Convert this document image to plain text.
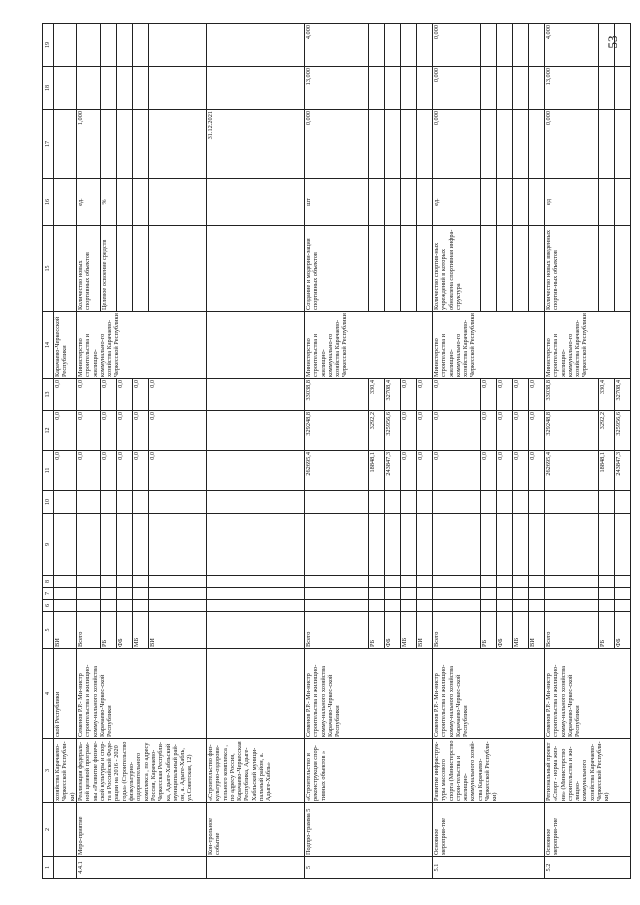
53
1	2	3	4	5	6	7	8	9	10	11	12	13	14	15	16	17	18	19
		хозяйства Карачаево-Черкесской Республи-ки)	ской Республики	ВИ						0,0	0,0	0,0	Карачаево-Черкесской Республики					
4.4.1	Меро-приятие	Реализация федераль-ной целевой програм-мы «Развитие физиче-ской культуры и спор-та в Российской Феде-рации на 2016 - 2020 годы» (Строительство физкультурно-оздоровительного комплекса , по адресу Россия, Карачаево-Черкесская Республи-ка, Адыге-Хабльский муниципальный рай-он, а. Адыге-Хабль, ул.Советская, 12)	Семенов Р.Р.- Ми-нистр строительства и жилищно-комму-нального хозяйства Карачаево-Черкес-ской Республики	Всего						0,0	0,0	0,0	Министерство строительства и жилищно-коммунально-го хозяйства Карачаево-Черкесской Республики	Количество новых спортивных объектов	ед.	1,000		
				РБ						0,0	0,0	0,0		Целевое освоение средств	%			
				ФБ						0,0	0,0	0,0						
				МБ						0,0	0,0	0,0						
				ВИ						0,0	0,0	0,0						
	Кон-трольное событие	«Строительство физ-культурно-оздорови-тельного комплекса , по адресу Россия, Карачаево-Черкесская Республика, Адыге-Хабльский муници-пальный район, а. Адыге-Хабль»														31.12.2021		
5	Подпро-грамма 5	«Строительство и реконструкция спор-тивных объектов »	Семенов Р.Р.- Ми-нистр строительства и жилищно-комму-нального хозяйства Карачаево-Черкес-ской Республики	Всего						262695,4	329248,8	33038,8	Министерство строительства и жилищно-коммунально-го хозяйства Карачаево-Черкесской Республики	Создание и модерни-зация спортивных объектов	шт	0,000	13,000	4,000
				РБ						18848,1	3292,2	330,4						
				ФБ						243847,3	325956,6	32708,4						
				МБ						0,0	0,0	0,0						
				ВИ						0,0	0,0	0,0						
5.1	Основное мероприя-тие	Развитие инфраструк-туры массового спорта (Министерство строи-тельства и жилищно-коммунального хозяй-ства Карачаево-Черкесской Республи-ки)	Семенов Р.Р.- Ми-нистр строительства и жилищно-комму-нального хозяйства Карачаево-Черкес-ской Республики	Всего						0,0	0,0	0,0	Министерство строительства и жилищно-коммунально-го хозяйства Карачаево-Черкесской Республики	Количество спортив-ных учреждений в которых обновлена спортивная инфра-структура	ед.	0,000	0,000	0,000
				РБ						0,0	0,0	0,0						
				ФБ						0,0	0,0	0,0						
				МБ						0,0	0,0	0,0						
				ВИ						0,0	0,0	0,0						
5.2	Основное мероприя-тие	Региональный проект «Спорт - норма жиз-ни» (Министерство строительства и жи-лищно-коммунального хозяйства Карачаево-Черкесской Республи-ки)	Семенов Р.Р.- Ми-нистр строительства и жилищно-комму-нального хозяйства Карачаево-Черкес-ской Республики	Всего						262695,4	329248,8	33038,8	Министерство строительства и жилищно-коммунально-го хозяйства Карачаево-Черкесской Республики	Количество новых введенных спортив-ных объектов	ед	0,000	13,000	4,000
				РБ						18848,1	3292,2	330,4						
				ФБ						243847,3	325956,6	32708,4						
